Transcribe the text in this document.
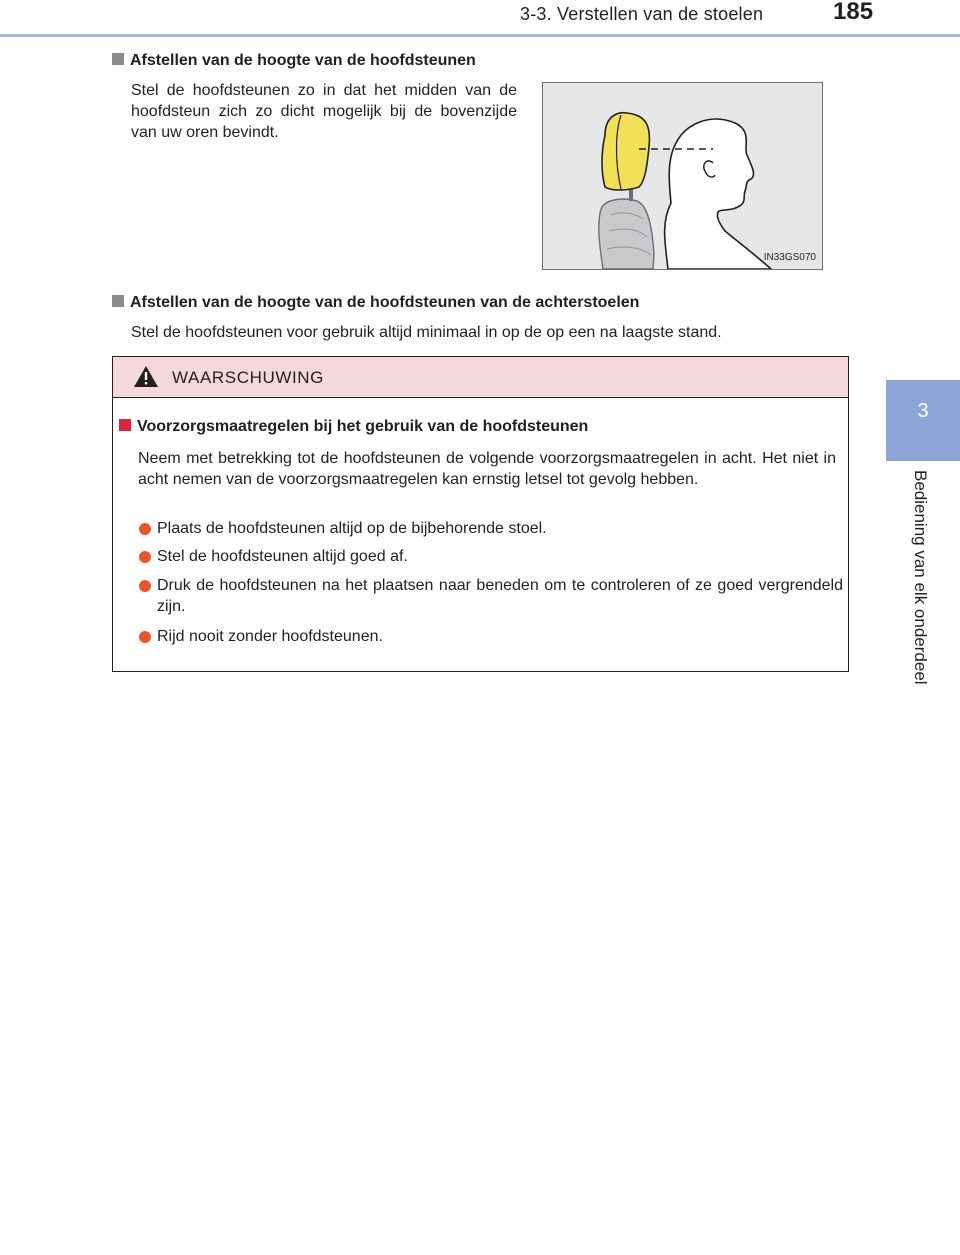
3-3. Verstellen van de stoelen	185
3
Bediening van elk onderdeel
Afstellen van de hoogte van de hoofdsteunen
Stel de hoofdsteunen zo in dat het midden van de hoofdsteun zich zo dicht mogelijk bij de bovenzijde van uw oren bevindt.
IN33GS070
Afstellen van de hoogte van de hoofdsteunen van de achterstoelen
Stel de hoofdsteunen voor gebruik altijd minimaal in op de op een na laagste stand.
WAARSCHUWING
Voorzorgsmaatregelen bij het gebruik van de hoofdsteunen
Neem met betrekking tot de hoofdsteunen de volgende voorzorgsmaatregelen in acht. Het niet in acht nemen van de voorzorgsmaatregelen kan ernstig letsel tot gevolg hebben.
Plaats de hoofdsteunen altijd op de bijbehorende stoel.
Stel de hoofdsteunen altijd goed af.
Druk de hoofdsteunen na het plaatsen naar beneden om te controleren of ze goed vergrendeld zijn.
Rijd nooit zonder hoofdsteunen.
